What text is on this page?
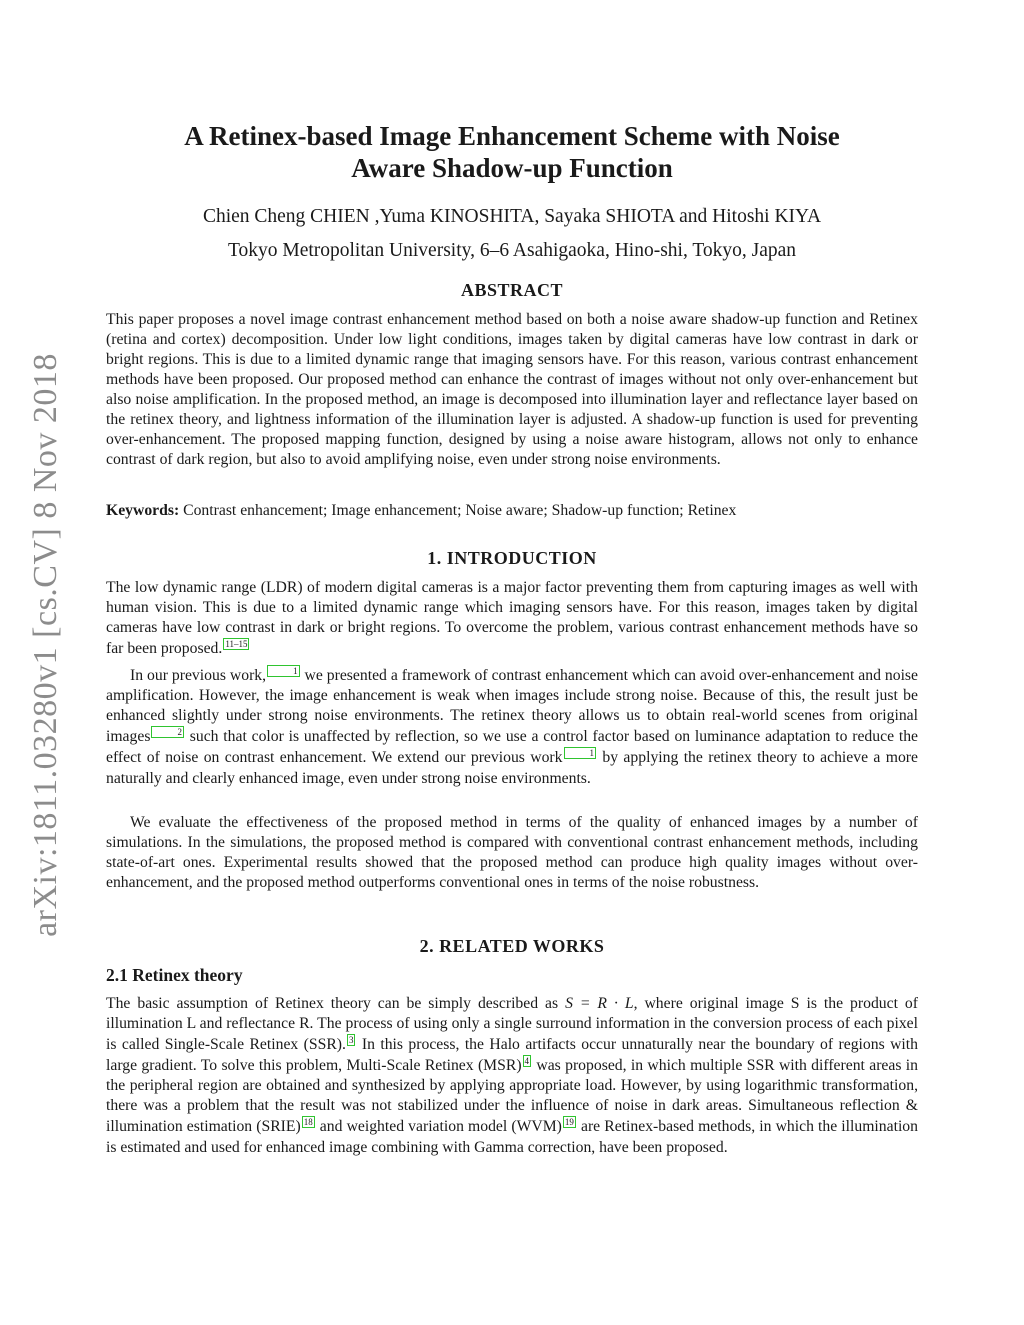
arXiv:1811.03280v1 [cs.CV] 8 Nov 2018
A Retinex-based Image Enhancement Scheme with Noise
Aware Shadow-up Function
Chien Cheng CHIEN ,Yuma KINOSHITA, Sayaka SHIOTA and Hitoshi KIYA
Tokyo Metropolitan University, 6–6 Asahigaoka, Hino-shi, Tokyo, Japan
ABSTRACT
This paper proposes a novel image contrast enhancement method based on both a noise aware shadow-up function and Retinex (retina and cortex) decomposition. Under low light conditions, images taken by digital cameras have low contrast in dark or bright regions. This is due to a limited dynamic range that imaging sensors have. For this reason, various contrast enhancement methods have been proposed. Our proposed method can enhance the contrast of images without not only over-enhancement but also noise amplification. In the proposed method, an image is decomposed into illumination layer and reflectance layer based on the retinex theory, and lightness information of the illumination layer is adjusted. A shadow-up function is used for preventing over-enhancement. The proposed mapping function, designed by using a noise aware histogram, allows not only to enhance contrast of dark region, but also to avoid amplifying noise, even under strong noise environments.
Keywords: Contrast enhancement; Image enhancement; Noise aware; Shadow-up function; Retinex
1. INTRODUCTION
The low dynamic range (LDR) of modern digital cameras is a major factor preventing them from capturing images as well with human vision. This is due to a limited dynamic range which imaging sensors have. For this reason, images taken by digital cameras have low contrast in dark or bright regions. To overcome the problem, various contrast enhancement methods have so far been proposed. 11–15
In our previous work,	1 we presented a framework of contrast enhancement which can avoid over-enhancement and noise amplification. However, the image enhancement is weak when images include strong noise. Because of this, the result just be enhanced slightly under strong noise environments. The retinex theory allows us to obtain real-world scenes from original images	2 such that color is unaffected by reflection, so we use a control factor based on luminance adaptation to reduce the effect of noise on contrast enhancement. We extend our previous work	1 by applying the retinex theory to achieve a more naturally and clearly enhanced image, even under strong noise environments.
We evaluate the effectiveness of the proposed method in terms of the quality of enhanced images by a number of simulations. In the simulations, the proposed method is compared with conventional contrast enhancement methods, including state-of-art ones. Experimental results showed that the proposed method can produce high quality images without over-enhancement, and the proposed method outperforms conventional ones in terms of the noise robustness.
2. RELATED WORKS
2.1 Retinex theory
The basic assumption of Retinex theory can be simply described as S = R · L, where original image S is the product of illumination L and reflectance R. The process of using only a single surround information in the conversion process of each pixel is called Single-Scale Retinex (SSR). 3 In this process, the Halo artifacts occur unnaturally near the boundary of regions with large gradient. To solve this problem, Multi-Scale Retinex (MSR) 4 was proposed, in which multiple SSR with different areas in the peripheral region are obtained and synthesized by applying appropriate load. However, by using logarithmic transformation, there was a problem that the result was not stabilized under the influence of noise in dark areas. Simultaneous reflection & illumination estimation (SRIE) 18 and weighted variation model (WVM) 19 are Retinex-based methods, in which the illumination is estimated and used for enhanced image combining with Gamma correction, have been proposed.
